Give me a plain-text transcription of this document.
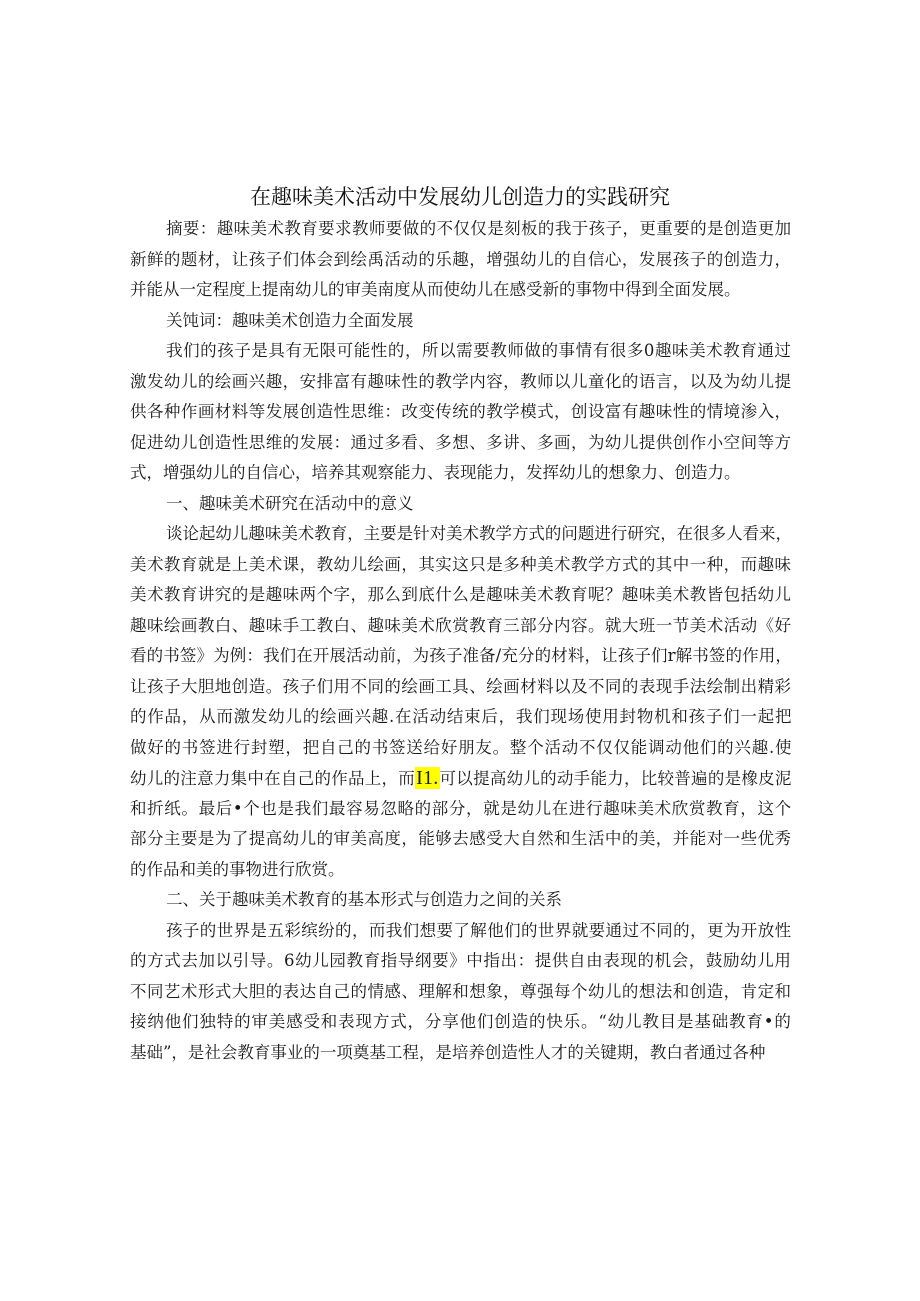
在趣味美术活动中发展幼儿创造力的实践研究
摘要：趣味美术教育要求教师要做的不仅仅是刻板的我于孩子，更重要的是创造更加
新鲜的题材，让孩子们体会到绘禹活动的乐趣，增强幼儿的自信心，发展孩子的创造力，
并能从一定程度上提南幼儿的审美南度从而使幼儿在感受新的事物中得到全面发展。
关饨词：趣味美术创造力全面发展
我们的孩子是具有无限可能性的，所以需要教师做的事情有很多0趣味美术教育通过
激发幼儿的绘画兴趣，安排富有趣味性的教学内容，教师以儿童化的语言，以及为幼儿提
供各种作画材料等发展创造性思维：改变传统的教学模式，创设富有趣味性的情境渗入，
促进幼儿创造性思维的发展：通过多看、多想、多讲、多画，为幼儿提供创作小空间等方
式，增强幼儿的自信心，培养其观察能力、表现能力，发挥幼儿的想象力、创造力。
一、趣味美术研究在活动中的意义
谈论起幼儿趣味美术教育，主要是针对美术教学方式的问题进行研究，在很多人看来，
美术教育就是上美术课，教幼儿绘画，其实这只是多种美术教学方式的其中一种，而趣味
美术教育讲究的是趣味两个字，那么到底什么是趣味美术教育呢？趣味美术教皆包括幼儿
趣味绘画教白、趣味手工教白、趣味美术欣赏教育三部分内容。就大班一节美术活动《好
看的书签》为例：我们在开展活动前，为孩子准备/充分的材料，让孩子们r解书签的作用，
让孩子大胆地创造。孩子们用不同的绘画工具、绘画材料以及不同的表现手法绘制出精彩
的作品，从而激发幼儿的绘画兴趣.在活动结束后，我们现场使用封物机和孩子们一起把
做好的书签进行封塑，把自己的书签送给好朋友。整个活动不仅仅能调动他们的兴趣.使
幼儿的注意力集中在自己的作品上，而I1.可以提高幼儿的动手能力，比较普遍的是橡皮泥
和折纸。最后•个也是我们最容易忽略的部分，就是幼儿在进行趣味美术欣赏教育，这个
部分主要是为了提高幼儿的审美高度，能够去感受大自然和生活中的美，并能对一些优秀
的作品和美的事物进行欣赏。
二、关于趣味美术教育的基本形式与创造力之间的关系
孩子的世界是五彩缤纷的，而我们想要了解他们的世界就要通过不同的，更为开放性
的方式去加以引导。6幼儿园教育指导纲要》中指出：提供自由表现的机会，鼓励幼儿用
不同艺术形式大胆的表达自己的情感、理解和想象，尊强每个幼儿的想法和创造，肯定和
接纳他们独特的审美感受和表现方式，分享他们创造的快乐。“幼儿教目是基础教育•的
基础”，是社会教育事业的一项奠基工程，是培养创造性人才的关键期，教白者通过各种
